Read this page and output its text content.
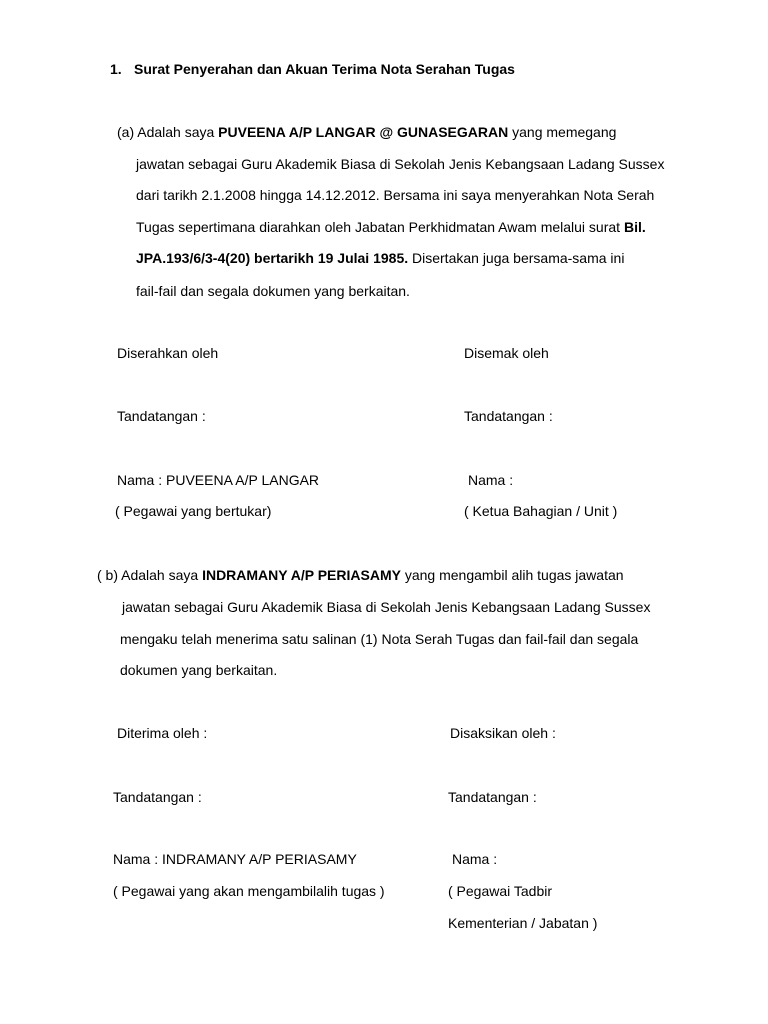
1. Surat Penyerahan dan Akuan Terima Nota Serahan Tugas
(a) Adalah saya PUVEENA A/P LANGAR @ GUNASEGARAN yang memegang
jawatan sebagai Guru Akademik Biasa di Sekolah Jenis Kebangsaan Ladang Sussex
dari tarikh 2.1.2008 hingga 14.12.2012. Bersama ini saya menyerahkan Nota Serah
Tugas sepertimana diarahkan oleh Jabatan Perkhidmatan Awam melalui surat Bil.
JPA.193/6/3-4(20) bertarikh 19 Julai 1985. Disertakan juga bersama-sama ini
fail-fail dan segala dokumen yang berkaitan.
Diserahkan oleh	Disemak oleh
Tandatangan :	Tandatangan :
Nama : PUVEENA A/P LANGAR	Nama :
( Pegawai yang bertukar)	( Ketua Bahagian / Unit )
( b) Adalah saya INDRAMANY A/P PERIASAMY yang mengambil alih tugas jawatan
jawatan sebagai Guru Akademik Biasa di Sekolah Jenis Kebangsaan Ladang Sussex
mengaku telah menerima satu salinan (1) Nota Serah Tugas dan fail-fail dan segala
dokumen yang berkaitan.
Diterima oleh :	Disaksikan oleh :
Tandatangan :	Tandatangan :
Nama : INDRAMANY A/P PERIASAMY	Nama :
( Pegawai yang akan mengambilalih tugas )	( Pegawai Tadbir
Kementerian / Jabatan )
